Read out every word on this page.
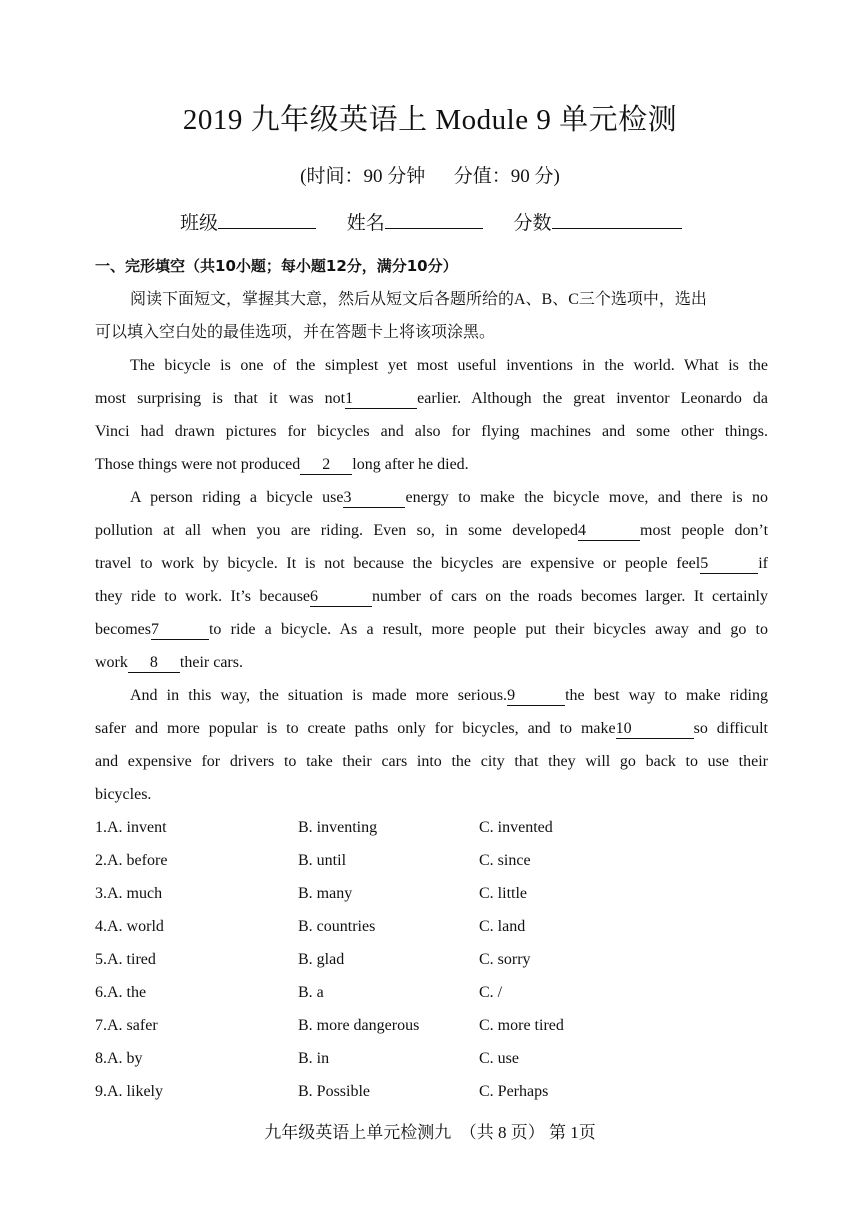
2019 九年级英语上 Module 9 单元检测
(时间：90 分钟      分值：90 分)
班级	姓名	分数
一、完形填空（共10小题；每小题12分，满分10分）
阅读下面短文，掌握其大意，然后从短文后各题所给的A、B、C三个选项中，选出
可以填入空白处的最佳选项，并在答题卡上将该项涂黑。
The bicycle is one of the simplest yet most useful inventions in the world. What is the
most surprising is that it was not1	earlier. Although the great inventor Leonardo da
Vinci had drawn pictures for bicycles and also for flying machines and some other things.
Those things were not produced 2 long after he died.
A person riding a bicycle use3	energy to make the bicycle move, and there is no
pollution at all when you are riding. Even so, in some developed4	most people don’t
travel to work by bicycle. It is not because the bicycles are expensive or people feel5	if
they ride to work. It’s because6	number of cars on the roads becomes larger. It certainly
becomes7	to ride a bicycle. As a result, more people put their bicycles away and go to
work 8 their cars.
And in this way, the situation is made more serious.9	the best way to make riding
safer and more popular is to create paths only for bicycles, and to make10	so difficult
and expensive for drivers to take their cars into the city that they will go back to use their
bicycles.
1.A. invent	B. inventing	C. invented
2.A. before	B. until	C. since
3.A. much	B. many	C. little
4.A. world	B. countries	C. land
5.A. tired	B. glad	C. sorry
6.A. the	B. a	C. /
7.A. safer	B. more dangerous	C. more tired
8.A. by	B. in	C. use
9.A. likely	B. Possible	C. Perhaps
九年级英语上单元检测九  （共 8 页） 第 1页
